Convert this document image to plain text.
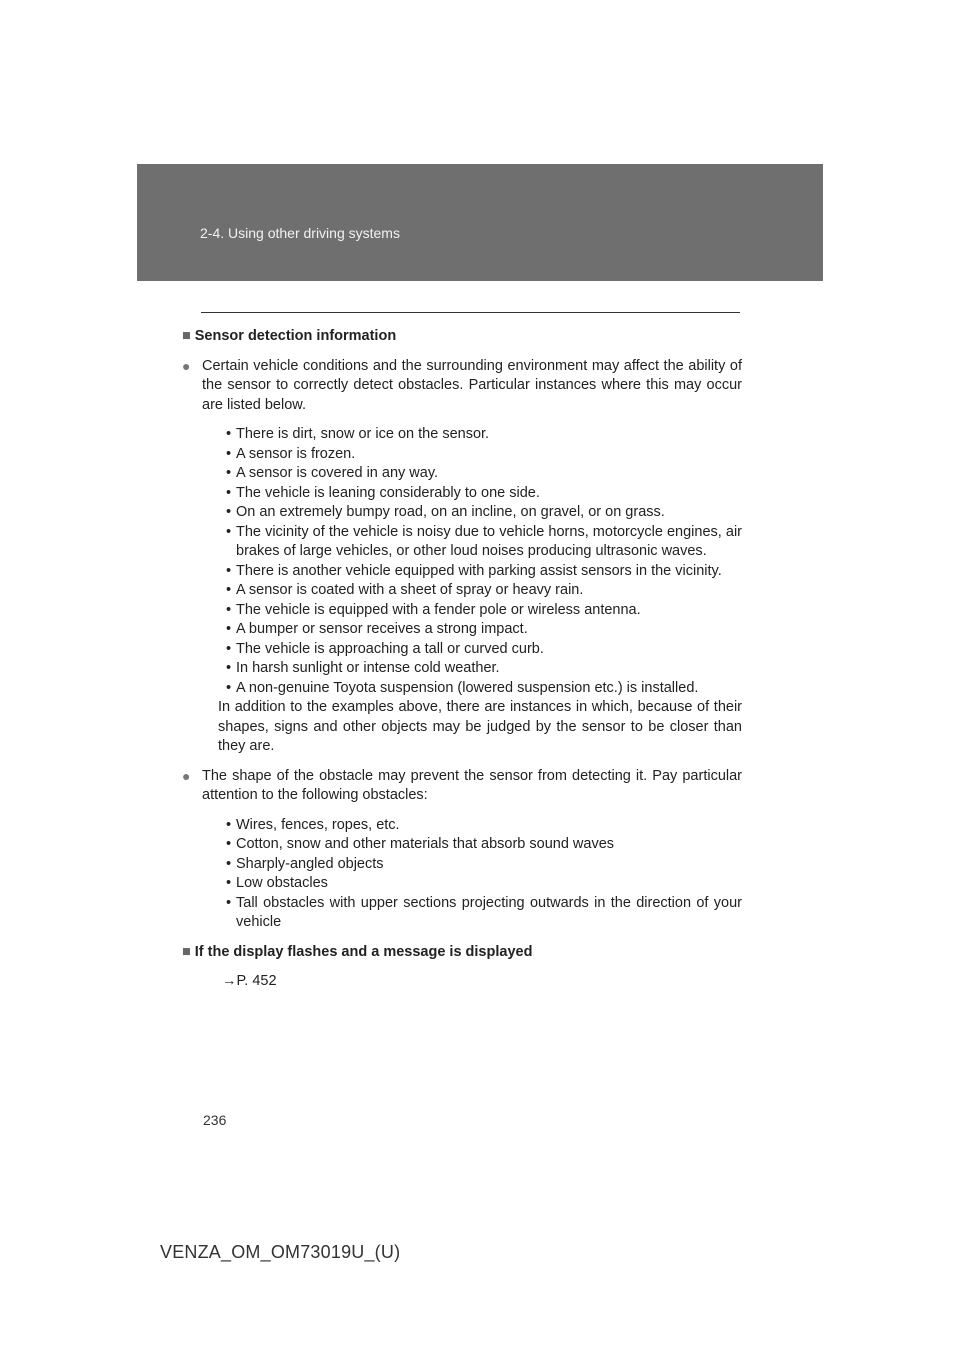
2-4. Using other driving systems
■ Sensor detection information
● Certain vehicle conditions and the surrounding environment may affect the ability of the sensor to correctly detect obstacles. Particular instances where this may occur are listed below.
• There is dirt, snow or ice on the sensor.
• A sensor is frozen.
• A sensor is covered in any way.
• The vehicle is leaning considerably to one side.
• On an extremely bumpy road, on an incline, on gravel, or on grass.
• The vicinity of the vehicle is noisy due to vehicle horns, motorcycle engines, air brakes of large vehicles, or other loud noises producing ultrasonic waves.
• There is another vehicle equipped with parking assist sensors in the vicinity.
• A sensor is coated with a sheet of spray or heavy rain.
• The vehicle is equipped with a fender pole or wireless antenna.
• A bumper or sensor receives a strong impact.
• The vehicle is approaching a tall or curved curb.
• In harsh sunlight or intense cold weather.
• A non-genuine Toyota suspension (lowered suspension etc.) is installed.
In addition to the examples above, there are instances in which, because of their shapes, signs and other objects may be judged by the sensor to be closer than they are.
● The shape of the obstacle may prevent the sensor from detecting it. Pay particular attention to the following obstacles:
• Wires, fences, ropes, etc.
• Cotton, snow and other materials that absorb sound waves
• Sharply-angled objects
• Low obstacles
• Tall obstacles with upper sections projecting outwards in the direction of your vehicle
■ If the display flashes and a message is displayed
→P. 452
236
VENZA_OM_OM73019U_(U)
